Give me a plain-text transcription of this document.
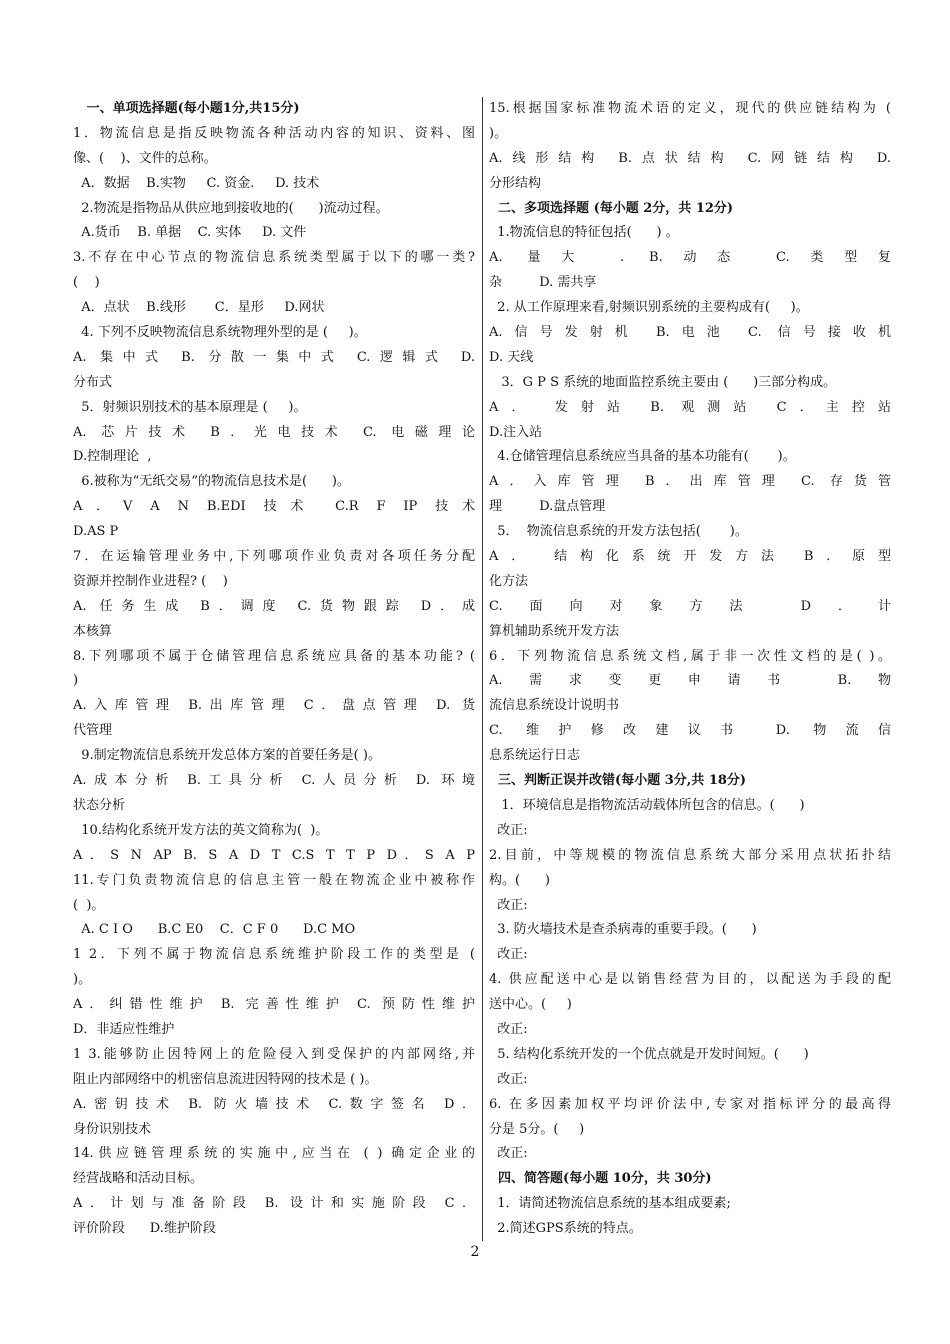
一、单项选择题(每小题1分,共15分)
1．物流信息是指反映物流各种活动内容的知识、资料、图
像、(    )、文件的总称。
A．数据    B.实物     C. 资金.     D. 技术
2.物流是指物品从供应地到接收地的(      )流动过程。
A.货币    B. 单据    C. 实体     D. 文件
3.不存在中心节点的物流信息系统类型属于以下的哪一类?
(    )
A．点状    B.线形       C．星形     D.网状
4. 下列不反映物流信息系统物理外型的是 (     )。
A. 集中式 B. 分散一集中式 C.逻辑式 D.
分布式
5．射频识别技术的基本原理是 (     )。
A. 芯片技术 B．光电技术 C. 电磁理论
D.控制理论  ,
6.被称为“无纸交易”的物流信息技术是(      )。
A．V A N B.EDI 技术 C.R F IP 技术
D.AS P
7．在运输管理业务中,下列哪项作业负责对各项任务分配
资源并控制作业进程? (    )
A. 任务生成 B．调度 C.货物跟踪 D．成
本核算
8.下列哪项不属于仓储管理信息系统应具备的基本功能? (
)
A.入库管理 B.出库管理 C．盘点管理 D. 货
代管理
9.制定物流信息系统开发总体方案的首要任务是( )。
A.成本分析 B.工具分析 C.人员分析 D. 环境
状态分析
10.结构化系统开发方法的英文简称为(  )。
A．S N AP B. S A D T C.S T T P D．S A P
11.专门负责物流信息的信息主管一般在物流企业中被称作
(  )。
A. C I O      B.C E0    C．C F 0      D.C MO
1 2．下列不属于物流信息系统维护阶段工作的类型是 (
)。
A．纠错性维护 B. 完善性维护 C. 预防性维护
D．非适应性维护
1 3.能够防止因特网上的危险侵入到受保护的内部网络,并
阻止内部网络中的机密信息流进因特网的技术是 ( )。
A.密钥技术 B. 防火墙技术 C.数字签名 D．
身份识别技术
14.供应链管理系统的实施中,应当在 ( ) 确定企业的
经营战略和活动目标。
A．计划与准备阶段 B. 设计和实施阶段 C．
评价阶段      D.维护阶段
15.根据国家标准物流术语的定义，现代的供应链结构为 (
)。
A.线形结构 B.点状结构 C.网链结构 D.
分形结构
二、多项选择题 (每小题 2分，共 12分)
1.物流信息的特征包括(      ) 。
A. 量大 . B.动态 C.类型复
杂         D. 需共享
2. 从工作原理来看,射频识别系统的主要构成有(     )。
A.信号发射机 B.电池 C. 信号接收机
D. 天线
3．G P S 系统的地面监控系统主要由 (      )三部分构成。
A． 发射站 B. 观测站 C．主控站
D.注入站
4.仓储管理信息系统应当具备的基本功能有(       )。
A．入库管理 B．出库管理 C. 存货管
理         D.盘点管理
5．  物流信息系统的开发方法包括(       )。
A． 结构化系统开发方法 B．原型
化方法
C.面向对象方法 D．计
算机辅助系统开发方法
6．下列物流信息系统文档,属于非一次性文档的是( )。
A.需求变更申请书 B.物
流信息系统设计说明书
C. 维护修改建议书 D. 物流信
息系统运行日志
三、判断正误并改错(每小题 3分,共 18分)
1．环境信息是指物流活动载体所包含的信息。(      )
改正:
2.目前，中等规模的物流信息系统大部分采用点状拓扑结
构。(      )
改正:
3. 防火墙技术是查杀病毒的重要手段。(      )
改正:
4. 供应配送中心是以销售经营为目的，以配送为手段的配
送中心。(     )
改正:
5. 结构化系统开发的一个优点就是开发时间短。(      )
改正:
6. 在多因素加权平均评价法中,专家对指标评分的最高得
分是 5分。(     )
改正:
四、简答题(每小题 10分，共 30分)
1．请简述物流信息系统的基本组成要素;
2.简述GPS系统的特点。
2
